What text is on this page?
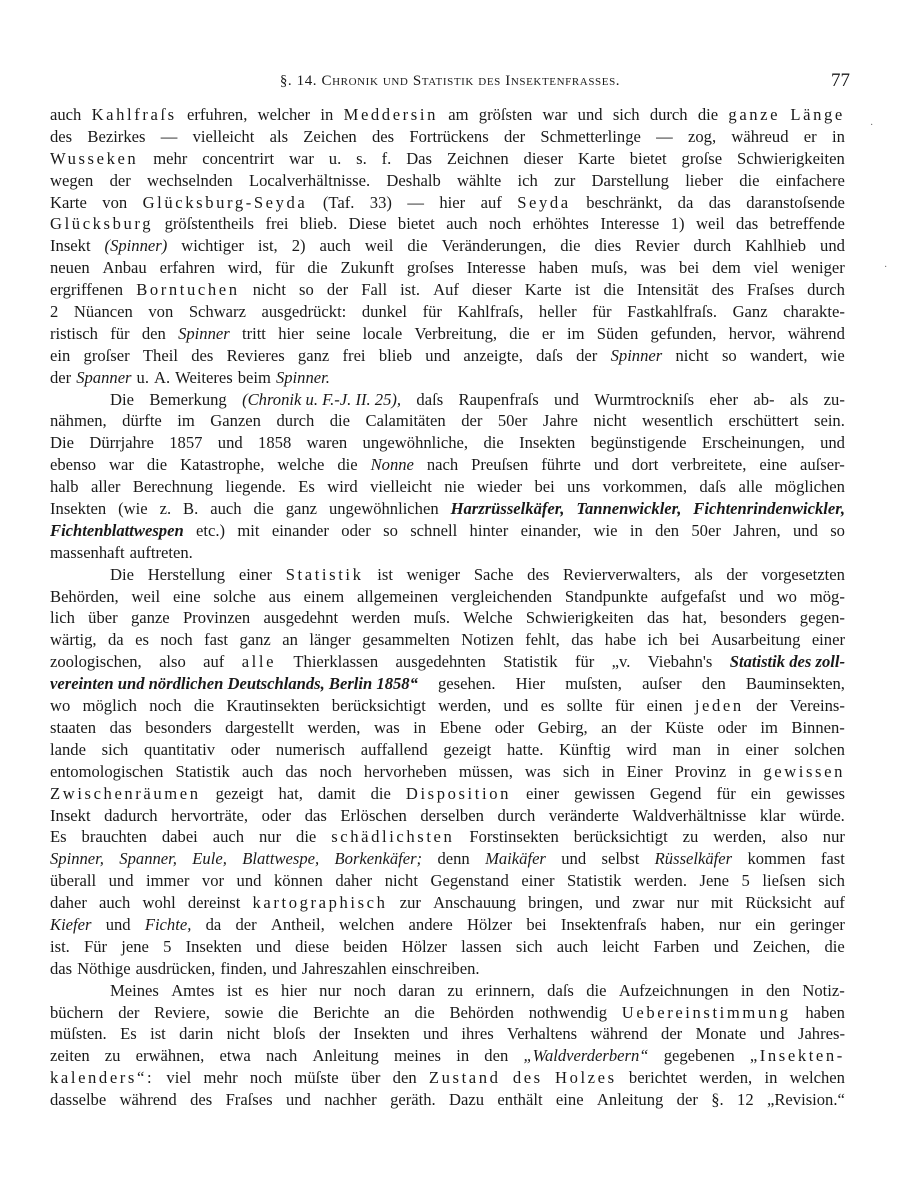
§. 14. Chronik und Statistik des Insektenfrasses.	77
auch Kahlfraſs erfuhren, welcher in Meddersin am gröſsten war und sich durch die ganze Länge
des Bezirkes — vielleicht als Zeichen des Fortrückens der Schmetterlinge — zog, währeud er in
Wusseken mehr concentrirt war u. s. f. Das Zeichnen dieser Karte bietet groſse Schwierigkeiten
wegen der wechselnden Localverhältnisse. Deshalb wählte ich zur Darstellung lieber die einfachere
Karte von Glücksburg-Seyda (Taf. 33) — hier auf Seyda beschränkt, da das daranstoſsende
Glücksburg gröſstentheils frei blieb. Diese bietet auch noch erhöhtes Interesse 1) weil das betreffende
Insekt (Spinner) wichtiger ist, 2) auch weil die Veränderungen, die dies Revier durch Kahlhieb und
neuen Anbau erfahren wird, für die Zukunft groſses Interesse haben muſs, was bei dem viel weniger
ergriffenen Borntuchen nicht so der Fall ist. Auf dieser Karte ist die Intensität des Fraſses durch
2 Nüancen von Schwarz ausgedrückt: dunkel für Kahlfraſs, heller für Fastkahlfraſs. Ganz charakte-
ristisch für den Spinner tritt hier seine locale Verbreitung, die er im Süden gefunden, hervor, während
ein groſser Theil des Revieres ganz frei blieb und anzeigte, daſs der Spinner nicht so wandert, wie
der Spanner u. A. Weiteres beim Spinner.
Die Bemerkung (Chronik u. F.-J. II. 25), daſs Raupenfraſs und Wurmtrockniſs eher ab- als zu-
nähmen, dürfte im Ganzen durch die Calamitäten der 50er Jahre nicht wesentlich erschüttert sein.
Die Dürrjahre 1857 und 1858 waren ungewöhnliche, die Insekten begünstigende Erscheinungen, und
ebenso war die Katastrophe, welche die Nonne nach Preuſsen führte und dort verbreitete, eine auſser-
halb aller Berechnung liegende. Es wird vielleicht nie wieder bei uns vorkommen, daſs alle möglichen
Insekten (wie z. B. auch die ganz ungewöhnlichen Harzrüsselkäfer, Tannenwickler, Fichtenrindenwickler,
Fichtenblattwespen etc.) mit einander oder so schnell hinter einander, wie in den 50er Jahren, und so
massenhaft auftreten.
Die Herstellung einer Statistik ist weniger Sache des Revierverwalters, als der vorgesetzten
Behörden, weil eine solche aus einem allgemeinen vergleichenden Standpunkte aufgefaſst und wo mög-
lich über ganze Provinzen ausgedehnt werden muſs. Welche Schwierigkeiten das hat, besonders gegen-
wärtig, da es noch fast ganz an länger gesammelten Notizen fehlt, das habe ich bei Ausarbeitung einer
zoologischen, also auf alle Thierklassen ausgedehnten Statistik für „v. Viebahn's Statistik des zoll-
vereinten und nördlichen Deutschlands, Berlin 1858“ gesehen. Hier muſsten, auſser den Bauminsekten,
wo möglich noch die Krautinsekten berücksichtigt werden, und es sollte für einen jeden der Vereins-
staaten das besonders dargestellt werden, was in Ebene oder Gebirg, an der Küste oder im Binnen-
lande sich quantitativ oder numerisch auffallend gezeigt hatte. Künftig wird man in einer solchen
entomologischen Statistik auch das noch hervorheben müssen, was sich in Einer Provinz in gewissen
Zwischenräumen gezeigt hat, damit die Disposition einer gewissen Gegend für ein gewisses
Insekt dadurch hervorträte, oder das Erlöschen derselben durch veränderte Waldverhältnisse klar würde.
Es brauchten dabei auch nur die schädlichsten Forstinsekten berücksichtigt zu werden, also nur
Spinner, Spanner, Eule, Blattwespe, Borkenkäfer; denn Maikäfer und selbst Rüsselkäfer kommen fast
überall und immer vor und können daher nicht Gegenstand einer Statistik werden. Jene 5 lieſsen sich
daher auch wohl dereinst kartographisch zur Anschauung bringen, und zwar nur mit Rücksicht auf
Kiefer und Fichte, da der Antheil, welchen andere Hölzer bei Insektenfraſs haben, nur ein geringer
ist. Für jene 5 Insekten und diese beiden Hölzer lassen sich auch leicht Farben und Zeichen, die
das Nöthige ausdrücken, finden, und Jahreszahlen einschreiben.
Meines Amtes ist es hier nur noch daran zu erinnern, daſs die Aufzeichnungen in den Notiz-
büchern der Reviere, sowie die Berichte an die Behörden nothwendig Uebereinstimmung haben
müſsten. Es ist darin nicht bloſs der Insekten und ihres Verhaltens während der Monate und Jahres-
zeiten zu erwähnen, etwa nach Anleitung meines in den „Waldverderbern“ gegebenen „Insekten-
kalenders“: viel mehr noch müſste über den Zustand des Holzes berichtet werden, in welchen
dasselbe während des Fraſses und nachher geräth. Dazu enthält eine Anleitung der §. 12 „Revision.“
·
·
